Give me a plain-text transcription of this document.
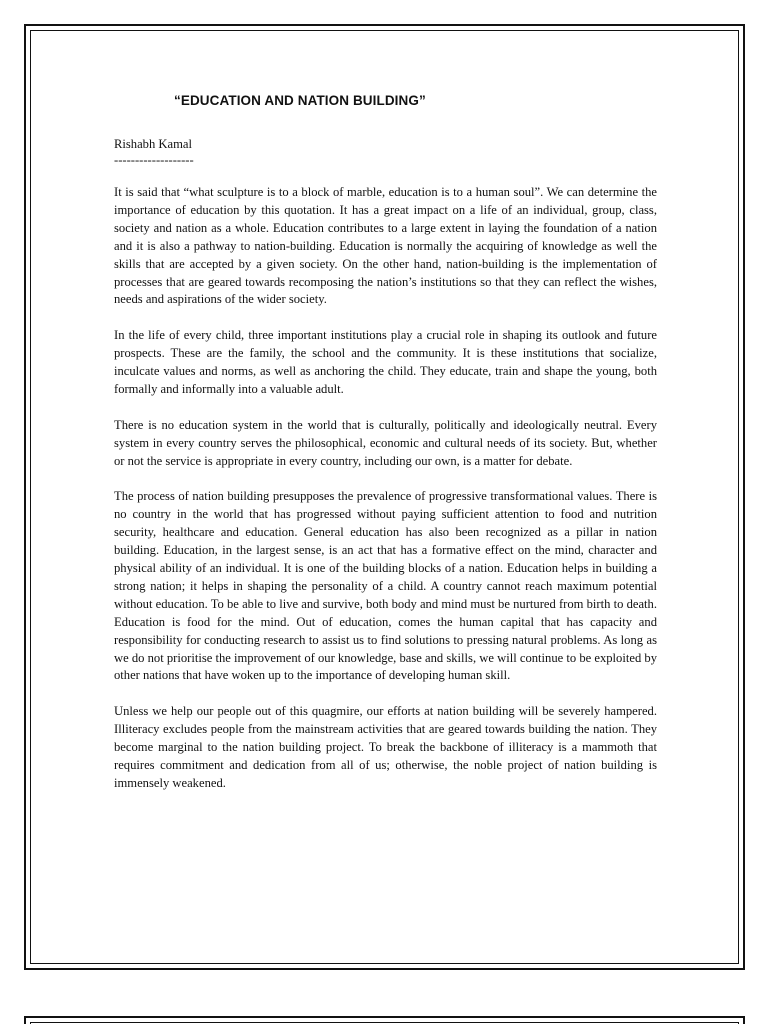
“EDUCATION AND NATION BUILDING”
Rishabh Kamal
-------------------

It is said that “what sculpture is to a block of marble, education is to a human soul”. We can determine the importance of education by this quotation. It has a great impact on a life of an individual, group, class, society and nation as a whole. Education contributes to a large extent in laying the foundation of a nation and it is also a pathway to nation-building. Education is normally the acquiring of knowledge as well the skills that are accepted by a given society. On the other hand, nation-building is the implementation of processes that are geared towards recomposing the nation’s institutions so that they can reflect the wishes, needs and aspirations of the wider society.

In the life of every child, three important institutions play a crucial role in shaping its outlook and future prospects. These are the family, the school and the community. It is these institutions that socialize, inculcate values and norms, as well as anchoring the child. They educate, train and shape the young, both formally and informally into a valuable adult.

There is no education system in the world that is culturally, politically and ideologically neutral. Every system in every country serves the philosophical, economic and cultural needs of its society. But, whether or not the service is appropriate in every country, including our own, is a matter for debate.

The process of nation building presupposes the prevalence of progressive transformational values. There is no country in the world that has progressed without paying sufficient attention to food and nutrition security, healthcare and education. General education has also been recognized as a pillar in nation building. Education, in the largest sense, is an act that has a formative effect on the mind, character and physical ability of an individual. It is one of the building blocks of a nation. Education helps in building a strong nation; it helps in shaping the personality of a child. A country cannot reach maximum potential without education. To be able to live and survive, both body and mind must be nurtured from birth to death. Education is food for the mind. Out of education, comes the human capital that has capacity and responsibility for conducting research to assist us to find solutions to pressing natural problems. As long as we do not prioritise the improvement of our knowledge, base and skills, we will continue to be exploited by other nations that have woken up to the importance of developing human skill.

Unless we help our people out of this quagmire, our efforts at nation building will be severely hampered. Illiteracy excludes people from the mainstream activities that are geared towards building the nation. They become marginal to the nation building project. To break the backbone of illiteracy is a mammoth that requires commitment and dedication from all of us; otherwise, the noble project of nation building is immensely weakened.
